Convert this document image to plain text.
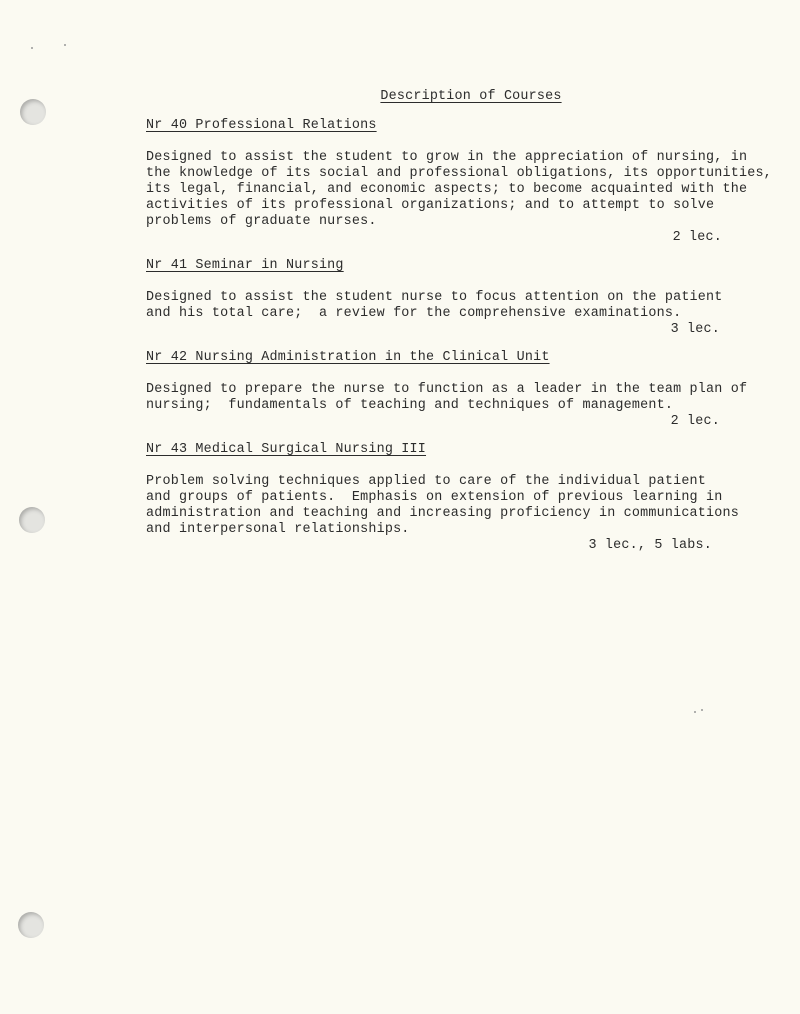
Description of Courses
Nr 40 Professional Relations

Designed to assist the student to grow in the appreciation of nursing, in
the knowledge of its social and professional obligations, its opportunities,
its legal, financial, and economic aspects; to become acquainted with the
activities of its professional organizations; and to attempt to solve
problems of graduate nurses.

2 lec.

Nr 41 Seminar in Nursing

Designed to assist the student nurse to focus attention on the patient
and his total care;  a review for the comprehensive examinations.

3 lec.

Nr 42 Nursing Administration in the Clinical Unit

Designed to prepare the nurse to function as a leader in the team plan of
nursing;  fundamentals of teaching and techniques of management.

2 lec.

Nr 43 Medical Surgical Nursing III

Problem solving techniques applied to care of the individual patient
and groups of patients.  Emphasis on extension of previous learning in
administration and teaching and increasing proficiency in communications
and interpersonal relationships.

3 lec., 5 labs.
